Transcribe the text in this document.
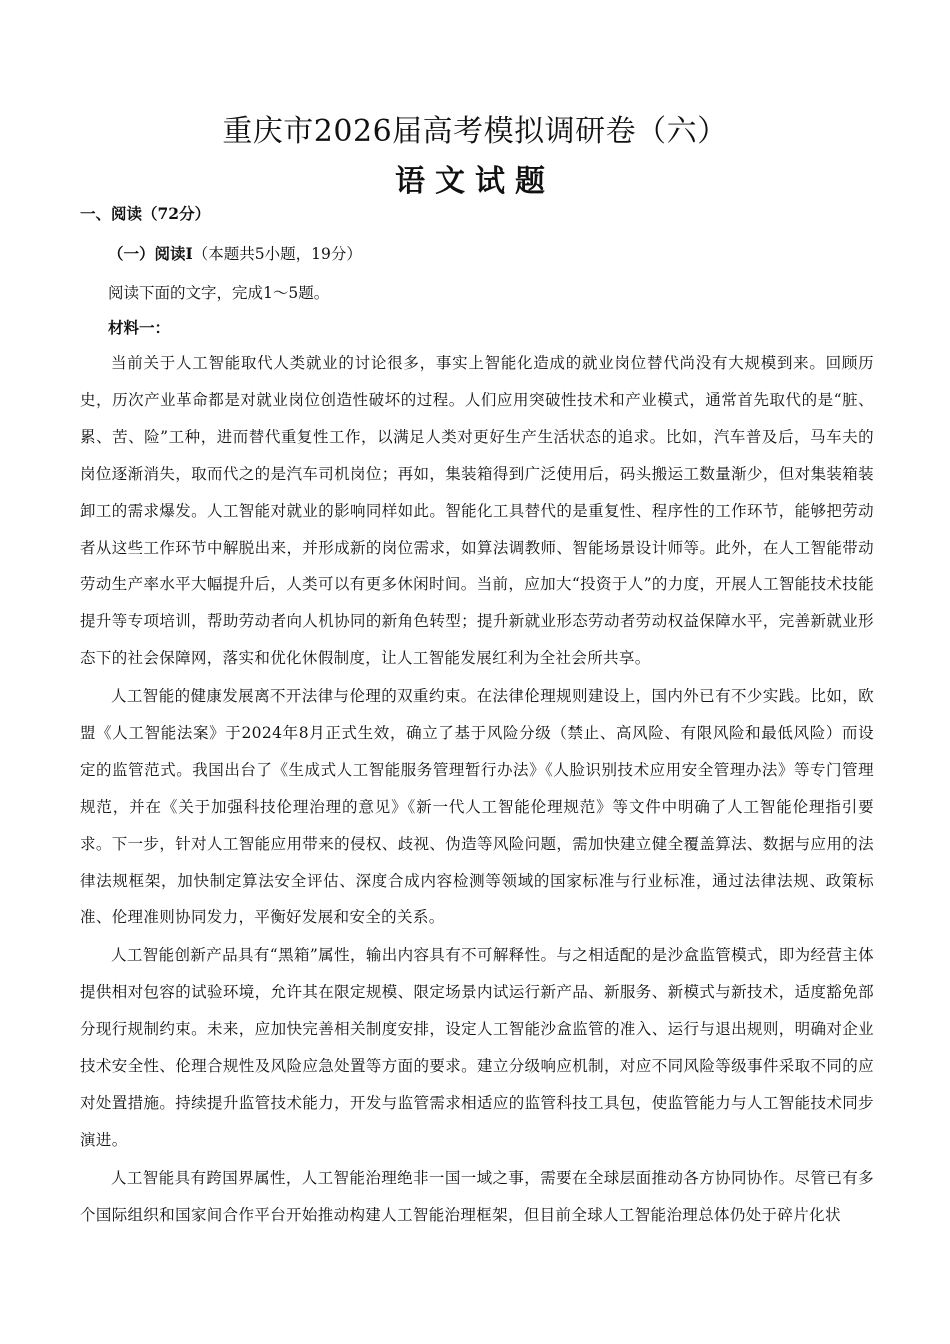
重庆市2026届高考模拟调研卷（六）
语文试题
一、阅读（72分）
（一）阅读Ⅰ（本题共5小题，19分）
阅读下面的文字，完成1～5题。
材料一：

当前关于人工智能取代人类就业的讨论很多，事实上智能化造成的就业岗位替代尚没有大规模到来。回顾历史，历次产业革命都是对就业岗位创造性破坏的过程。人们应用突破性技术和产业模式，通常首先取代的是“脏、累、苦、险”工种，进而替代重复性工作，以满足人类对更好生产生活状态的追求。比如，汽车普及后，马车夫的岗位逐渐消失，取而代之的是汽车司机岗位；再如，集装箱得到广泛使用后，码头搬运工数量渐少，但对集装箱装卸工的需求爆发。人工智能对就业的影响同样如此。智能化工具替代的是重复性、程序性的工作环节，能够把劳动者从这些工作环节中解脱出来，并形成新的岗位需求，如算法调教师、智能场景设计师等。此外，在人工智能带动劳动生产率水平大幅提升后，人类可以有更多休闲时间。当前，应加大“投资于人”的力度，开展人工智能技术技能提升等专项培训，帮助劳动者向人机协同的新角色转型；提升新就业形态劳动者劳动权益保障水平，完善新就业形态下的社会保障网，落实和优化休假制度，让人工智能发展红利为全社会所共享。

人工智能的健康发展离不开法律与伦理的双重约束。在法律伦理规则建设上，国内外已有不少实践。比如，欧盟《人工智能法案》于2024年8月正式生效，确立了基于风险分级（禁止、高风险、有限风险和最低风险）而设定的监管范式。我国出台了《生成式人工智能服务管理暂行办法》《人脸识别技术应用安全管理办法》等专门管理规范，并在《关于加强科技伦理治理的意见》《新一代人工智能伦理规范》等文件中明确了人工智能伦理指引要求。下一步，针对人工智能应用带来的侵权、歧视、伪造等风险问题，需加快建立健全覆盖算法、数据与应用的法律法规框架，加快制定算法安全评估、深度合成内容检测等领域的国家标准与行业标准，通过法律法规、政策标准、伦理准则协同发力，平衡好发展和安全的关系。

人工智能创新产品具有“黑箱”属性，输出内容具有不可解释性。与之相适配的是沙盒监管模式，即为经营主体提供相对包容的试验环境，允许其在限定规模、限定场景内试运行新产品、新服务、新模式与新技术，适度豁免部分现行规制约束。未来，应加快完善相关制度安排，设定人工智能沙盒监管的准入、运行与退出规则，明确对企业技术安全性、伦理合规性及风险应急处置等方面的要求。建立分级响应机制，对应不同风险等级事件采取不同的应对处置措施。持续提升监管技术能力，开发与监管需求相适应的监管科技工具包，使监管能力与人工智能技术同步演进。

人工智能具有跨国界属性，人工智能治理绝非一国一域之事，需要在全球层面推动各方协同协作。尽管已有多个国际组织和国家间合作平台开始推动构建人工智能治理框架，但目前全球人工智能治理总体仍处于碎片化状
